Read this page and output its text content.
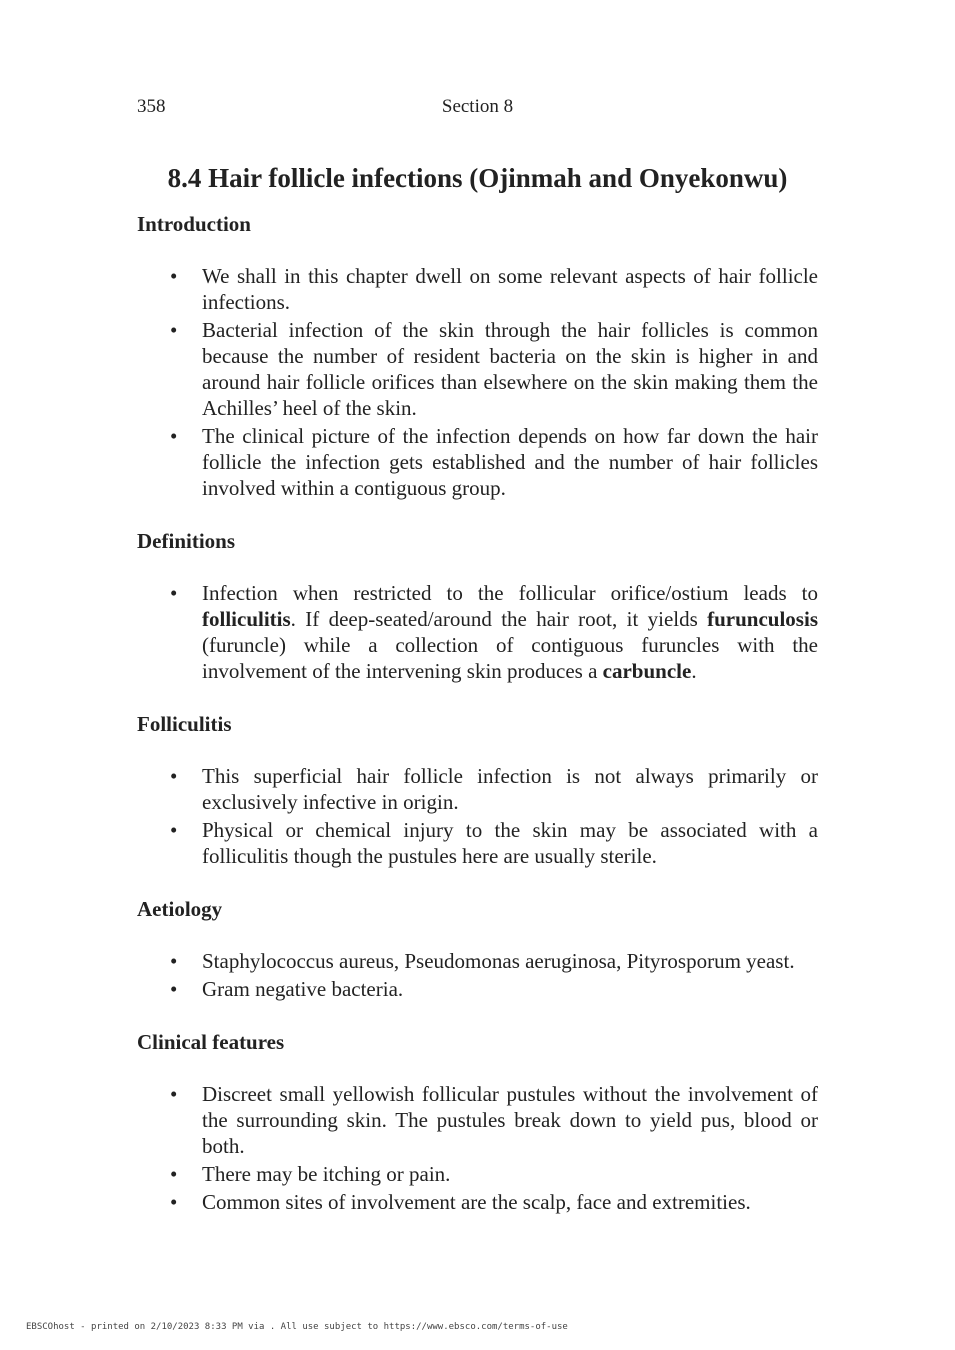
358	Section 8
8.4 Hair follicle infections (Ojinmah and Onyekonwu)
Introduction
• We shall in this chapter dwell on some relevant aspects of hair follicle infections.
• Bacterial infection of the skin through the hair follicles is common because the number of resident bacteria on the skin is higher in and around hair follicle orifices than elsewhere on the skin making them the Achilles’ heel of the skin.
• The clinical picture of the infection depends on how far down the hair follicle the infection gets established and the number of hair follicles involved within a contiguous group.
Definitions
• Infection when restricted to the follicular orifice/ostium leads to folliculitis. If deep-seated/around the hair root, it yields furunculosis (furuncle) while a collection of contiguous furuncles with the involvement of the intervening skin produces a carbuncle.
Folliculitis
• This superficial hair follicle infection is not always primarily or exclusively infective in origin.
• Physical or chemical injury to the skin may be associated with a folliculitis though the pustules here are usually sterile.
Aetiology
• Staphylococcus aureus, Pseudomonas aeruginosa, Pityrosporum yeast.
• Gram negative bacteria.
Clinical features
• Discreet small yellowish follicular pustules without the involvement of the surrounding skin. The pustules break down to yield pus, blood or both.
• There may be itching or pain.
• Common sites of involvement are the scalp, face and extremities.
EBSCOhost - printed on 2/10/2023 8:33 PM via . All use subject to https://www.ebsco.com/terms-of-use
